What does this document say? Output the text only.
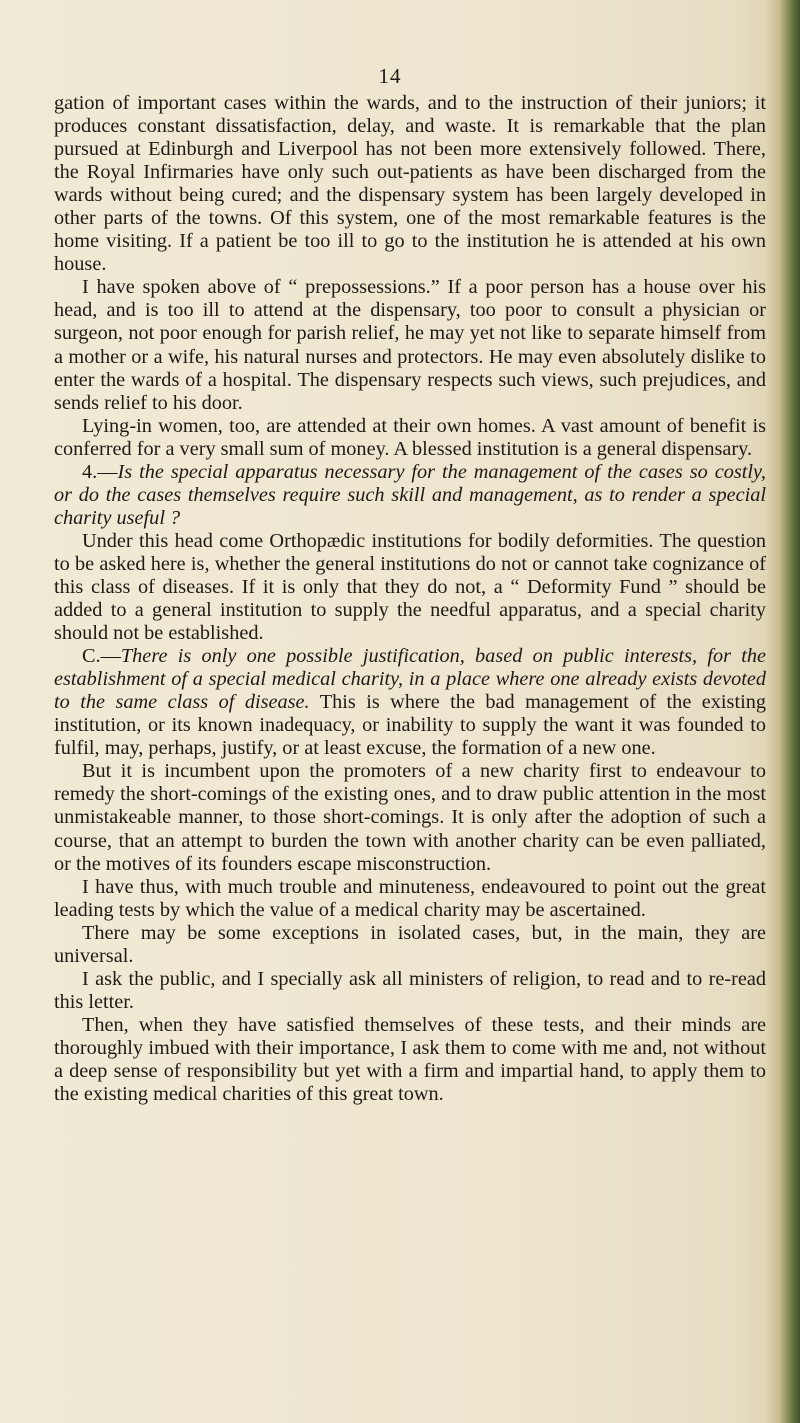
14

gation of important cases within the wards, and to the instruction of their juniors; it produces constant dissatisfaction, delay, and waste. It is remarkable that the plan pursued at Edinburgh and Liverpool has not been more extensively followed. There, the Royal Infirmaries have only such out-patients as have been discharged from the wards without being cured; and the dispensary system has been largely developed in other parts of the towns. Of this system, one of the most remarkable features is the home visiting. If a patient be too ill to go to the institution he is attended at his own house.

I have spoken above of “ prepossessions.” If a poor person has a house over his head, and is too ill to attend at the dispensary, too poor to consult a physician or surgeon, not poor enough for parish relief, he may yet not like to separate himself from a mother or a wife, his natural nurses and protectors. He may even absolutely dislike to enter the wards of a hospital. The dispensary respects such views, such prejudices, and sends relief to his door.

Lying-in women, too, are attended at their own homes. A vast amount of benefit is conferred for a very small sum of money. A blessed institution is a general dispensary.

4.—Is the special apparatus necessary for the management of the cases so costly, or do the cases themselves require such skill and management, as to render a special charity useful ?

Under this head come Orthopædic institutions for bodily deformities. The question to be asked here is, whether the general institutions do not or cannot take cognizance of this class of diseases. If it is only that they do not, a “ Deformity Fund ” should be added to a general institution to supply the needful apparatus, and a special charity should not be established.

C.—There is only one possible justification, based on public interests, for the establishment of a special medical charity, in a place where one already exists devoted to the same class of disease. This is where the bad management of the existing institution, or its known inadequacy, or inability to supply the want it was founded to fulfil, may, perhaps, justify, or at least excuse, the formation of a new one.

But it is incumbent upon the promoters of a new charity first to endeavour to remedy the short-comings of the existing ones, and to draw public attention in the most unmistakeable manner, to those short-comings. It is only after the adoption of such a course, that an attempt to burden the town with another charity can be even palliated, or the motives of its founders escape misconstruction.

I have thus, with much trouble and minuteness, endeavoured to point out the great leading tests by which the value of a medical charity may be ascertained.

There may be some exceptions in isolated cases, but, in the main, they are universal.

I ask the public, and I specially ask all ministers of religion, to read and to re-read this letter.

Then, when they have satisfied themselves of these tests, and their minds are thoroughly imbued with their importance, I ask them to come with me and, not without a deep sense of responsibility but yet with a firm and impartial hand, to apply them to the existing medical charities of this great town.
